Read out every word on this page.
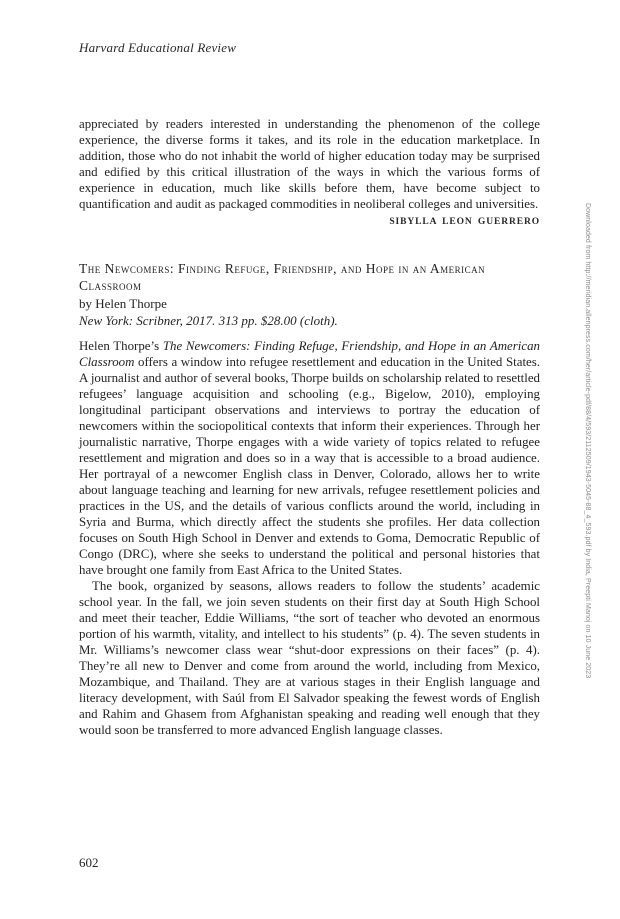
Harvard Educational Review

appreciated by readers interested in understanding the phenomenon of the college experience, the diverse forms it takes, and its role in the education marketplace. In addition, those who do not inhabit the world of higher education today may be surprised and edified by this critical illustration of the ways in which the various forms of experience in education, much like skills before them, have become subject to quantification and audit as packaged commodities in neoliberal colleges and universities.

SIBYLLA LEON GUERRERO
The Newcomers: Finding Refuge, Friendship, and Hope in an American Classroom
by Helen Thorpe
New York: Scribner, 2017. 313 pp. $28.00 (cloth).

Helen Thorpe’s The Newcomers: Finding Refuge, Friendship, and Hope in an American Classroom offers a window into refugee resettlement and education in the United States. A journalist and author of several books, Thorpe builds on scholarship related to resettled refugees’ language acquisition and schooling (e.g., Bigelow, 2010), employing longitudinal participant observations and interviews to portray the education of newcomers within the sociopolitical contexts that inform their experiences. Through her journalistic narrative, Thorpe engages with a wide variety of topics related to refugee resettlement and migration and does so in a way that is accessible to a broad audience. Her portrayal of a newcomer English class in Denver, Colorado, allows her to write about language teaching and learning for new arrivals, refugee resettlement policies and practices in the US, and the details of various conflicts around the world, including in Syria and Burma, which directly affect the students she profiles. Her data collection focuses on South High School in Denver and extends to Goma, Democratic Republic of Congo (DRC), where she seeks to understand the political and personal histories that have brought one family from East Africa to the United States.

The book, organized by seasons, allows readers to follow the students’ academic school year. In the fall, we join seven students on their first day at South High School and meet their teacher, Eddie Williams, “the sort of teacher who devoted an enormous portion of his warmth, vitality, and intellect to his students” (p. 4). The seven students in Mr. Williams’s newcomer class wear “shut-door expressions on their faces” (p. 4). They’re all new to Denver and come from around the world, including from Mexico, Mozambique, and Thailand. They are at various stages in their English language and literacy development, with Saúl from El Salvador speaking the fewest words of English and Rahim and Ghasem from Afghanistan speaking and reading well enough that they would soon be transferred to more advanced English language classes.

602
Downloaded from http://meridian.allenpress.com/her/article-pdf/88/4/593/2112509/1943-5045-88_4_593.pdf by India, Preepti Manoj on 10 June 2023
